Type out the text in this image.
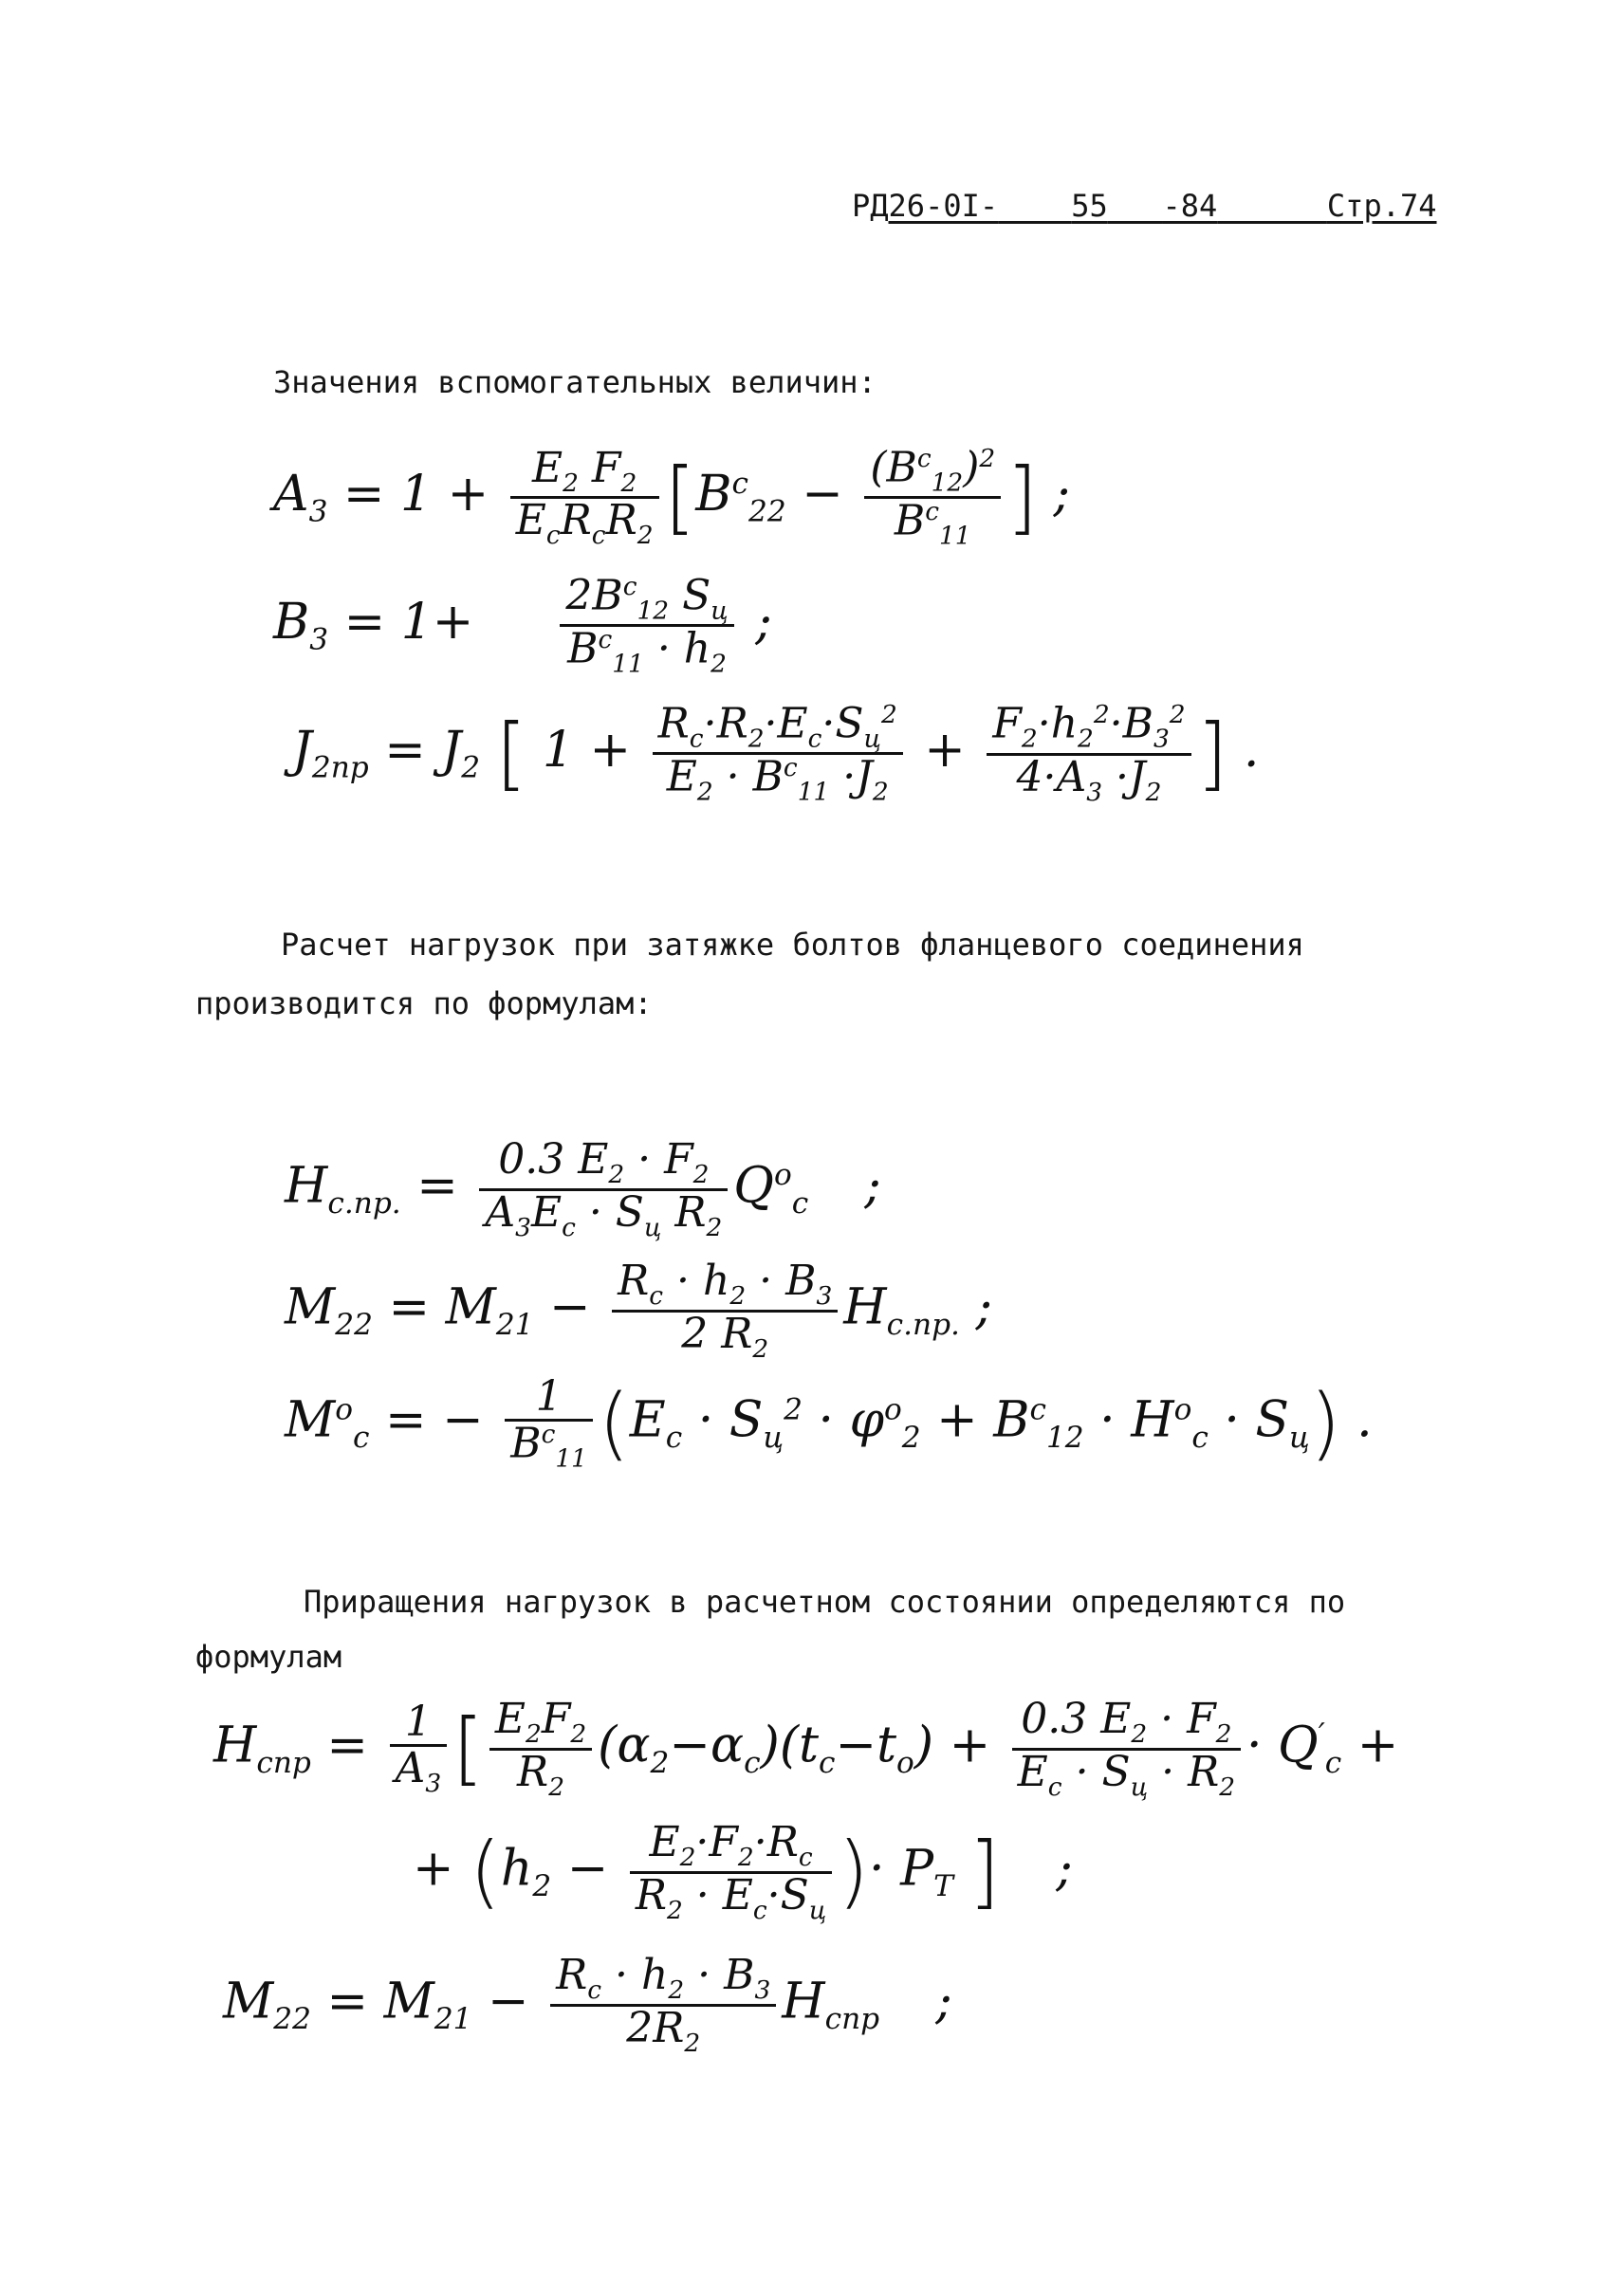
РД26-0I- 55 -84	Стр.74

Значения вспомогательных величин:

$A_3 = 1 + E_2$ $F_2$
$E_cR_cR_2$ [$B^c_{22} - \frac{(B^c_{12})^2}{B^c_{11}}$ ] ;
$B_3 = 1+ 2B^c_{12}$ $S_ц$
$B^c_{11} \cdot h_2$
;
$J_{2пр} = J_2$ [ $1 + R_c\cdot R_2\cdot E_c\cdot S_ц^2$
$E_2 \cdot B^c_{11} \cdot J_2$
+ $\frac{F_2\cdot h_2^2\cdot B_3^2}{4\cdot A_3 \cdot J_2}$ ] .

Расчет нагрузок при затяжке болтов фланцевого соединения производится по формулам:

$H_{c.пр.} = 0.3$ $E_2 \cdot F_2$
$A_3E_c \cdot S_ц$ $R_2$
$Q^o_c$  ;
$M_{22} = M_{21} - \frac{R_c \cdot h_2 \cdot B_3}{2 R_2} H_{c.пр.}$ ;
$M^o_c$ = − $\frac{1}{B^c_{11}} (E_c \cdot S_ц^2 \cdot \varphi^o_2 + B^c_{12} \cdot H^o_c \cdot S_ц)$ .

Приращения нагрузок в расчетном состоянии определяются по формулам

$H_{cпр} = \frac{1}{A_3}$ [ $\frac{E_2F_2}{R_2} (\alpha_2-\alpha_c)(t_c-t_o) + 0.3$ $E_2 \cdot F_2$
$E_c \cdot S_ц \cdot R_2$
· $Q'_c$ +
+ ($h_2 - E_2\cdot F_2\cdot R_c$
$R_2 \cdot E_c\cdot S_ц$ )· $P_T$ ]  ;
$M_{22} = M_{21} - \frac{R_c \cdot h_2 \cdot B_3}{2R_2} H_{cпр}$  ;
